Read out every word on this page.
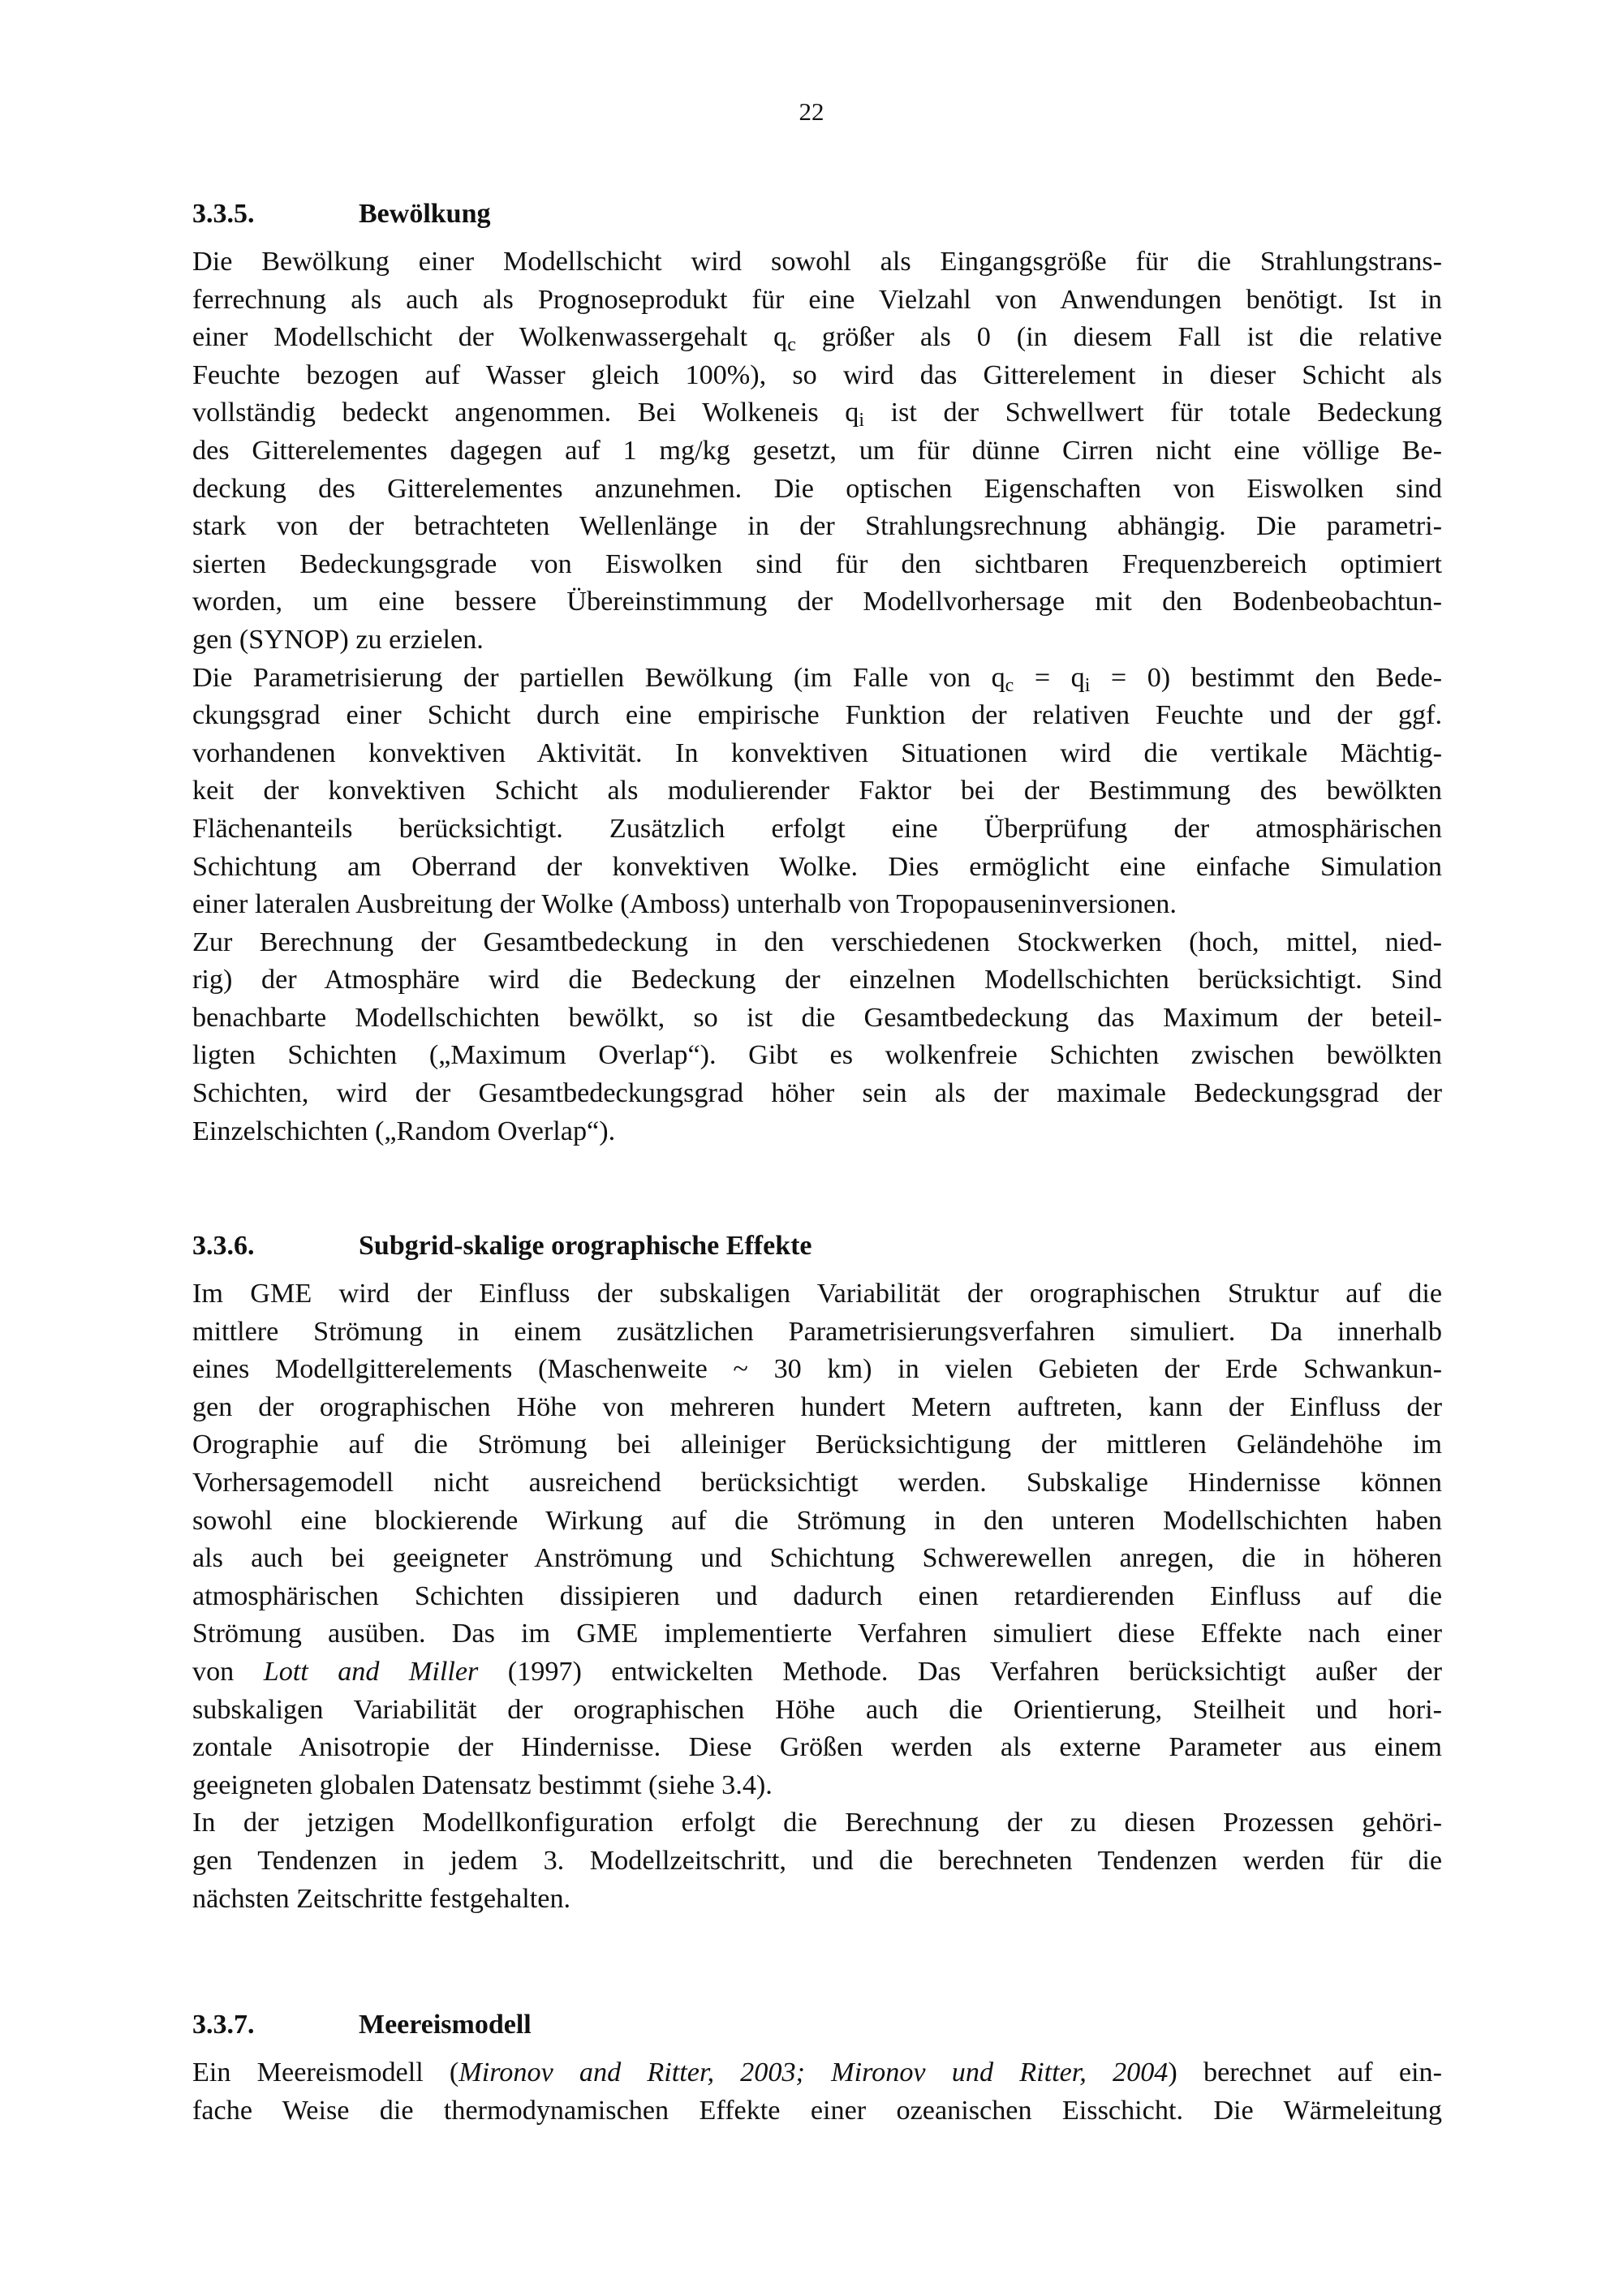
22
3.3.5.	Bewölkung
Die Bewölkung einer Modellschicht wird sowohl als Eingangsgröße für die Strahlungstrans-
ferrechnung als auch als Prognoseprodukt für eine Vielzahl von Anwendungen benötigt. Ist in
einer Modellschicht der Wolkenwassergehalt $q_c$ größer als 0 (in diesem Fall ist die relative
Feuchte bezogen auf Wasser gleich 100%), so wird das Gitterelement in dieser Schicht als
vollständig bedeckt angenommen. Bei Wolkeneis $q_i$ ist der Schwellwert für totale Bedeckung
des Gitterelementes dagegen auf 1 mg/kg gesetzt, um für dünne Cirren nicht eine völlige Be-
deckung des Gitterelementes anzunehmen. Die optischen Eigenschaften von Eiswolken sind
stark von der betrachteten Wellenlänge in der Strahlungsrechnung abhängig. Die parametri-
sierten Bedeckungsgrade von Eiswolken sind für den sichtbaren Frequenzbereich optimiert
worden, um eine bessere Übereinstimmung der Modellvorhersage mit den Bodenbeobachtun-
gen (SYNOP) zu erzielen.
Die Parametrisierung der partiellen Bewölkung (im Falle von $q_c = q_i = 0$) bestimmt den Bede-
ckungsgrad einer Schicht durch eine empirische Funktion der relativen Feuchte und der ggf.
vorhandenen konvektiven Aktivität. In konvektiven Situationen wird die vertikale Mächtig-
keit der konvektiven Schicht als modulierender Faktor bei der Bestimmung des bewölkten
Flächenanteils berücksichtigt. Zusätzlich erfolgt eine Überprüfung der atmosphärischen
Schichtung am Oberrand der konvektiven Wolke. Dies ermöglicht eine einfache Simulation
einer lateralen Ausbreitung der Wolke (Amboss) unterhalb von Tropopauseninversionen.
Zur Berechnung der Gesamtbedeckung in den verschiedenen Stockwerken (hoch, mittel, nied-
rig) der Atmosphäre wird die Bedeckung der einzelnen Modellschichten berücksichtigt. Sind
benachbarte Modellschichten bewölkt, so ist die Gesamtbedeckung das Maximum der beteil-
ligten Schichten („Maximum Overlap“). Gibt es wolkenfreie Schichten zwischen bewölkten
Schichten, wird der Gesamtbedeckungsgrad höher sein als der maximale Bedeckungsgrad der
Einzelschichten („Random Overlap“).
3.3.6.	Subgrid-skalige orographische Effekte
Im GME wird der Einfluss der subskaligen Variabilität der orographischen Struktur auf die
mittlere Strömung in einem zusätzlichen Parametrisierungsverfahren simuliert. Da innerhalb
eines Modellgitterelements (Maschenweite ~ 30 km) in vielen Gebieten der Erde Schwankun-
gen der orographischen Höhe von mehreren hundert Metern auftreten, kann der Einfluss der
Orographie auf die Strömung bei alleiniger Berücksichtigung der mittleren Geländehöhe im
Vorhersagemodell nicht ausreichend berücksichtigt werden. Subskalige Hindernisse können
sowohl eine blockierende Wirkung auf die Strömung in den unteren Modellschichten haben
als auch bei geeigneter Anströmung und Schichtung Schwerewellen anregen, die in höheren
atmosphärischen Schichten dissipieren und dadurch einen retardierenden Einfluss auf die
Strömung ausüben. Das im GME implementierte Verfahren simuliert diese Effekte nach einer
von Lott and Miller (1997) entwickelten Methode. Das Verfahren berücksichtigt außer der
subskaligen Variabilität der orographischen Höhe auch die Orientierung, Steilheit und hori-
zontale Anisotropie der Hindernisse. Diese Größen werden als externe Parameter aus einem
geeigneten globalen Datensatz bestimmt (siehe 3.4).
In der jetzigen Modellkonfiguration erfolgt die Berechnung der zu diesen Prozessen gehöri-
gen Tendenzen in jedem 3. Modellzeitschritt, und die berechneten Tendenzen werden für die
nächsten Zeitschritte festgehalten.
3.3.7.	Meereismodell
Ein Meereismodell (Mironov and Ritter, 2003; Mironov und Ritter, 2004) berechnet auf ein-
fache Weise die thermodynamischen Effekte einer ozeanischen Eisschicht. Die Wärmeleitung
